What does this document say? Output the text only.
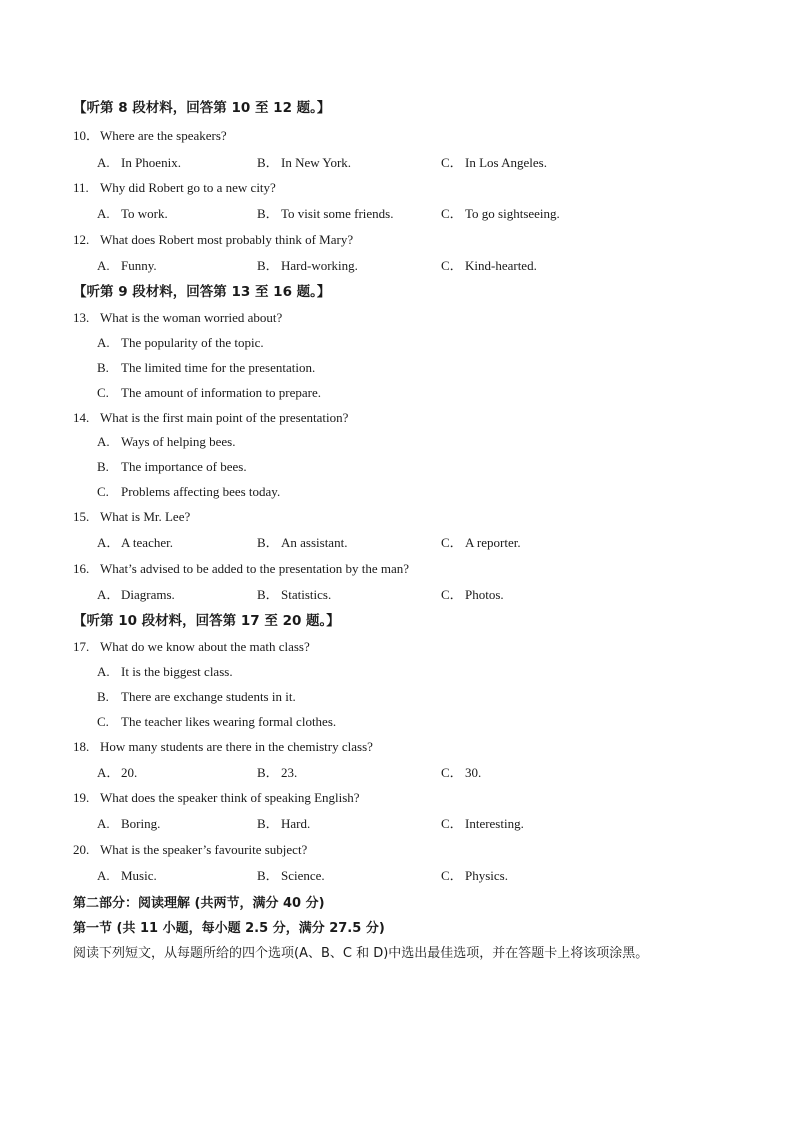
【听第 8 段材料，回答第 10 至 12 题。】
10．Where are the speakers?
A. In Phoenix.	B． In New York.	C． In Los Angeles.
11. Why did Robert go to a new city?
A. To work.	B． To visit some friends.	C． To go sightseeing.
12. What does Robert most probably think of Mary?
A. Funny.	B． Hard-working.	C． Kind-hearted.
【听第 9 段材料，回答第 13 至 16 题。】
13. What is the woman worried about?
A. The popularity of the topic.
B. The limited time for the presentation.
C. The amount of information to prepare.
14. What is the first main point of the presentation?
A. Ways of helping bees.
B. The importance of bees.
C. Problems affecting bees today.
15. What is Mr. Lee?
A． A teacher.	B． An assistant.	C． A reporter.
16. What’s advised to be added to the presentation by the man?
A． Diagrams.	B． Statistics.	C． Photos.
【听第 10 段材料，回答第 17 至 20 题。】
17. What do we know about the math class?
A. It is the biggest class.
B. There are exchange students in it.
C. The teacher likes wearing formal clothes.
18. How many students are there in the chemistry class?
A． 20.	B． 23.	C． 30.
19. What does the speaker think of speaking English?
A. Boring.	B． Hard.	C． Interesting.
20. What is the speaker’s favourite subject?
A. Music.	B． Science.	C． Physics.
第二部分：阅读理解 (共两节，满分 40 分)
第一节 (共 11 小题，每小题 2.5 分，满分 27.5 分)
阅读下列短文，从每题所给的四个选项(A、B、C 和 D)中选出最佳选项，并在答题卡上将该项涂黑。
